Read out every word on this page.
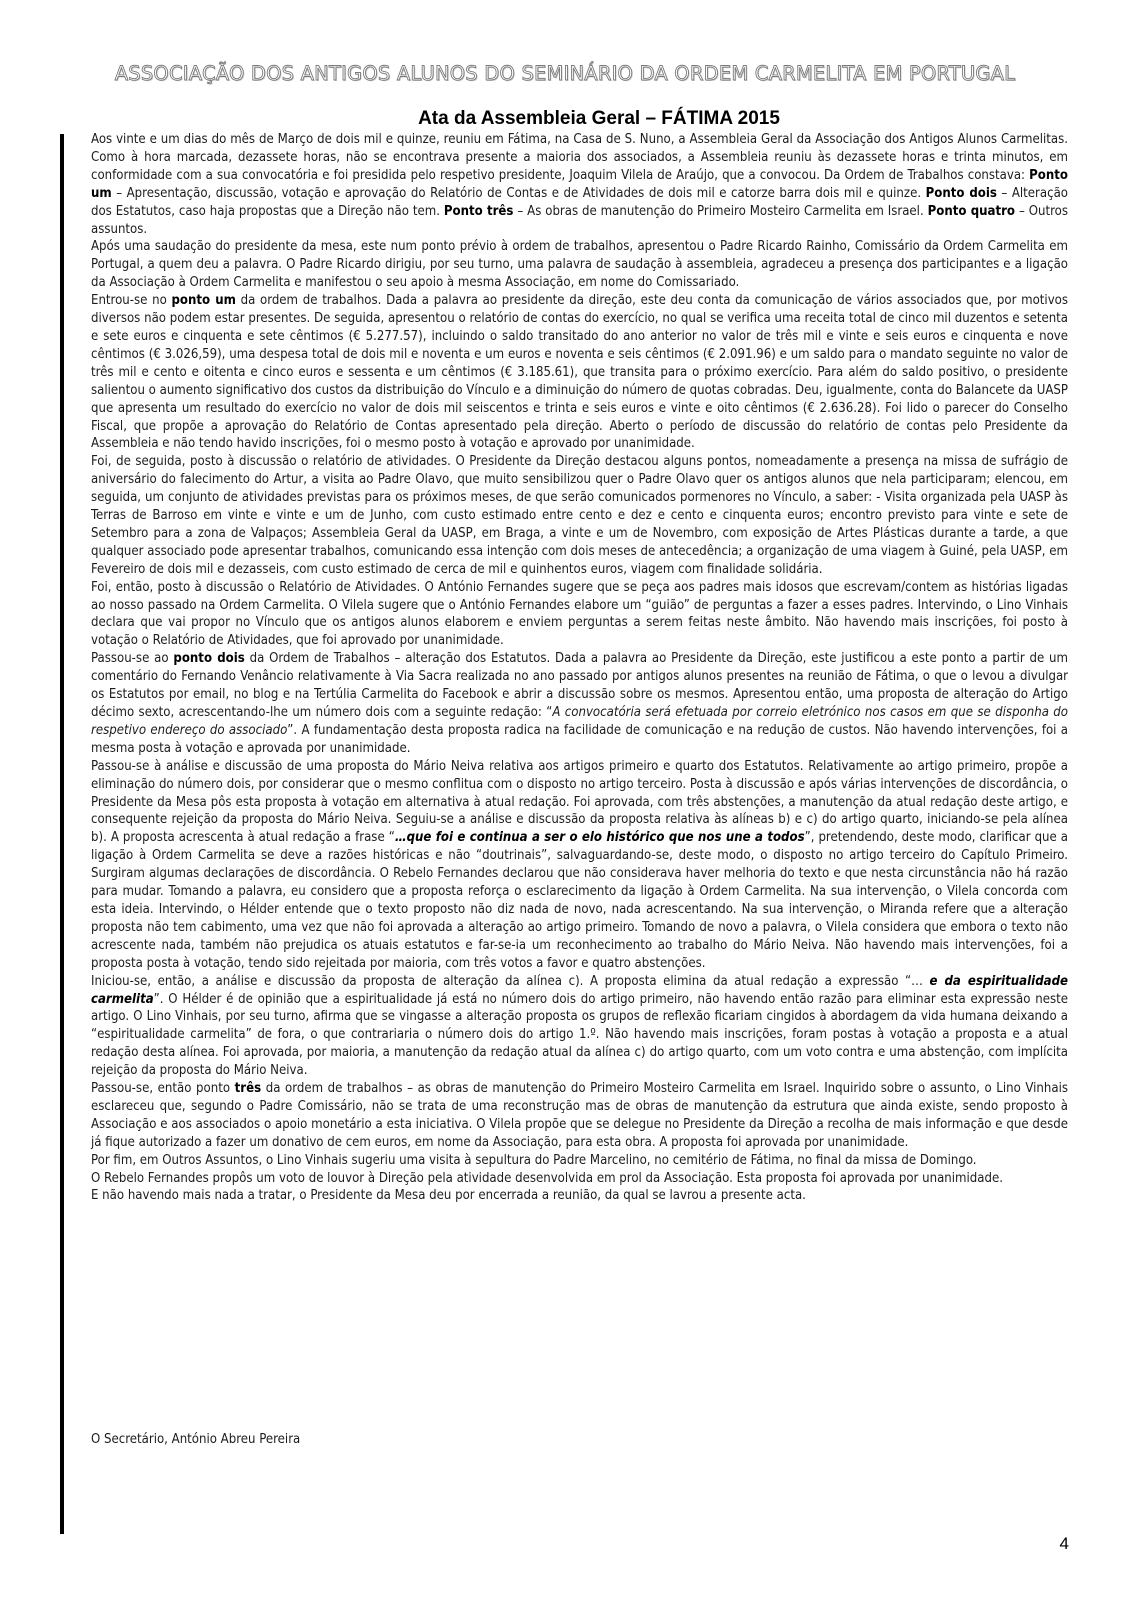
ASSOCIAÇÃO DOS ANTIGOS ALUNOS DO SEMINÁRIO DA ORDEM CARMELITA EM PORTUGAL
Ata da Assembleia Geral – FÁTIMA 2015

Aos vinte e um dias do mês de Março de dois mil e quinze, reuniu em Fátima, na Casa de S. Nuno, a Assembleia Geral da Associação dos Antigos Alunos Carmelitas. Como à hora marcada, dezassete horas, não se encontrava presente a maioria dos associados, a Assembleia reuniu às dezassete horas e trinta minutos, em conformidade com a sua convocatória e foi presidida pelo respetivo presidente, Joaquim Vilela de Araújo, que a convocou. Da Ordem de Trabalhos constava: Ponto um – Apresentação, discussão, votação e aprovação do Relatório de Contas e de Atividades de dois mil e catorze barra dois mil e quinze. Ponto dois – Alteração dos Estatutos, caso haja propostas que a Direção não tem. Ponto três – As obras de manutenção do Primeiro Mosteiro Carmelita em Israel. Ponto quatro – Outros assuntos.

Após uma saudação do presidente da mesa, este num ponto prévio à ordem de trabalhos, apresentou o Padre Ricardo Rainho, Comissário da Ordem Carmelita em Portugal, a quem deu a palavra. O Padre Ricardo dirigiu, por seu turno, uma palavra de saudação à assembleia, agradeceu a presença dos participantes e a ligação da Associação à Ordem Carmelita e manifestou o seu apoio à mesma Associação, em nome do Comissariado.

Entrou-se no ponto um da ordem de trabalhos. Dada a palavra ao presidente da direção, este deu conta da comunicação de vários associados que, por motivos diversos não podem estar presentes. De seguida, apresentou o relatório de contas do exercício, no qual se verifica uma receita total de cinco mil duzentos e setenta e sete euros e cinquenta e sete cêntimos (€ 5.277.57), incluindo o saldo transitado do ano anterior no valor de três mil e vinte e seis euros e cinquenta e nove cêntimos (€ 3.026,59), uma despesa total de dois mil e noventa e um euros e noventa e seis cêntimos (€ 2.091.96) e um saldo para o mandato seguinte no valor de três mil e cento e oitenta e cinco euros e sessenta e um cêntimos (€ 3.185.61), que transita para o próximo exercício. Para além do saldo positivo, o presidente salientou o aumento significativo dos custos da distribuição do Vínculo e a diminuição do número de quotas cobradas. Deu, igualmente, conta do Balancete da UASP que apresenta um resultado do exercício no valor de dois mil seiscentos e trinta e seis euros e vinte e oito cêntimos (€ 2.636.28). Foi lido o parecer do Conselho Fiscal, que propõe a aprovação do Relatório de Contas apresentado pela direção. Aberto o período de discussão do relatório de contas pelo Presidente da Assembleia e não tendo havido inscrições, foi o mesmo posto à votação e aprovado por unanimidade.

Foi, de seguida, posto à discussão o relatório de atividades. O Presidente da Direção destacou alguns pontos, nomeadamente a presença na missa de sufrágio de aniversário do falecimento do Artur, a visita ao Padre Olavo, que muito sensibilizou quer o Padre Olavo quer os antigos alunos que nela participaram; elencou, em seguida, um conjunto de atividades previstas para os próximos meses, de que serão comunicados pormenores no Vínculo, a saber: - Visita organizada pela UASP às Terras de Barroso em vinte e vinte e um de Junho, com custo estimado entre cento e dez e cento e cinquenta euros; encontro previsto para vinte e sete de Setembro para a zona de Valpaços; Assembleia Geral da UASP, em Braga, a vinte e um de Novembro, com exposição de Artes Plásticas durante a tarde, a que qualquer associado pode apresentar trabalhos, comunicando essa intenção com dois meses de antecedência; a organização de uma viagem à Guiné, pela UASP, em Fevereiro de dois mil e dezasseis, com custo estimado de cerca de mil e quinhentos euros, viagem com finalidade solidária.

Foi, então, posto à discussão o Relatório de Atividades. O António Fernandes sugere que se peça aos padres mais idosos que escrevam/contem as histórias ligadas ao nosso passado na Ordem Carmelita. O Vilela sugere que o António Fernandes elabore um “guião” de perguntas a fazer a esses padres. Intervindo, o Lino Vinhais declara que vai propor no Vínculo que os antigos alunos elaborem e enviem perguntas a serem feitas neste âmbito. Não havendo mais inscrições, foi posto à votação o Relatório de Atividades, que foi aprovado por unanimidade.

Passou-se ao ponto dois da Ordem de Trabalhos – alteração dos Estatutos. Dada a palavra ao Presidente da Direção, este justificou a este ponto a partir de um comentário do Fernando Venâncio relativamente à Via Sacra realizada no ano passado por antigos alunos presentes na reunião de Fátima, o que o levou a divulgar os Estatutos por email, no blog e na Tertúlia Carmelita do Facebook e abrir a discussão sobre os mesmos. Apresentou então, uma proposta de alteração do Artigo décimo sexto, acrescentando-lhe um número dois com a seguinte redação: “A convocatória será efetuada por correio eletrónico nos casos em que se disponha do respetivo endereço do associado”. A fundamentação desta proposta radica na facilidade de comunicação e na redução de custos. Não havendo intervenções, foi a mesma posta à votação e aprovada por unanimidade.

Passou-se à análise e discussão de uma proposta do Mário Neiva relativa aos artigos primeiro e quarto dos Estatutos. Relativamente ao artigo primeiro, propõe a eliminação do número dois, por considerar que o mesmo conflitua com o disposto no artigo terceiro. Posta à discussão e após várias intervenções de discordância, o Presidente da Mesa pôs esta proposta à votação em alternativa à atual redação. Foi aprovada, com três abstenções, a manutenção da atual redação deste artigo, e consequente rejeição da proposta do Mário Neiva. Seguiu-se a análise e discussão da proposta relativa às alíneas b) e c) do artigo quarto, iniciando-se pela alínea b). A proposta acrescenta à atual redação a frase “…que foi e continua a ser o elo histórico que nos une a todos”, pretendendo, deste modo, clarificar que a ligação à Ordem Carmelita se deve a razões históricas e não “doutrinais”, salvaguardando-se, deste modo, o disposto no artigo terceiro do Capítulo Primeiro. Surgiram algumas declarações de discordância. O Rebelo Fernandes declarou que não considerava haver melhoria do texto e que nesta circunstância não há razão para mudar. Tomando a palavra, eu considero que a proposta reforça o esclarecimento da ligação à Ordem Carmelita. Na sua intervenção, o Vilela concorda com esta ideia. Intervindo, o Hélder entende que o texto proposto não diz nada de novo, nada acrescentando. Na sua intervenção, o Miranda refere que a alteração proposta não tem cabimento, uma vez que não foi aprovada a alteração ao artigo primeiro. Tomando de novo a palavra, o Vilela considera que embora o texto não acrescente nada, também não prejudica os atuais estatutos e far-se-ia um reconhecimento ao trabalho do Mário Neiva. Não havendo mais intervenções, foi a proposta posta à votação, tendo sido rejeitada por maioria, com três votos a favor e quatro abstenções.

Iniciou-se, então, a análise e discussão da proposta de alteração da alínea c). A proposta elimina da atual redação a expressão “… e da espiritualidade carmelita”. O Hélder é de opinião que a espiritualidade já está no número dois do artigo primeiro, não havendo então razão para eliminar esta expressão neste artigo. O Lino Vinhais, por seu turno, afirma que se vingasse a alteração proposta os grupos de reflexão ficariam cingidos à abordagem da vida humana deixando a “espiritualidade carmelita” de fora, o que contrariaria o número dois do artigo 1.º. Não havendo mais inscrições, foram postas à votação a proposta e a atual redação desta alínea. Foi aprovada, por maioria, a manutenção da redação atual da alínea c) do artigo quarto, com um voto contra e uma abstenção, com implícita rejeição da proposta do Mário Neiva.

Passou-se, então ponto três da ordem de trabalhos – as obras de manutenção do Primeiro Mosteiro Carmelita em Israel. Inquirido sobre o assunto, o Lino Vinhais esclareceu que, segundo o Padre Comissário, não se trata de uma reconstrução mas de obras de manutenção da estrutura que ainda existe, sendo proposto à Associação e aos associados o apoio monetário a esta iniciativa. O Vilela propõe que se delegue no Presidente da Direção a recolha de mais informação e que desde já fique autorizado a fazer um donativo de cem euros, em nome da Associação, para esta obra. A proposta foi aprovada por unanimidade.

Por fim, em Outros Assuntos, o Lino Vinhais sugeriu uma visita à sepultura do Padre Marcelino, no cemitério de Fátima, no final da missa de Domingo.

O Rebelo Fernandes propôs um voto de louvor à Direção pela atividade desenvolvida em prol da Associação. Esta proposta foi aprovada por unanimidade.

E não havendo mais nada a tratar, o Presidente da Mesa deu por encerrada a reunião, da qual se lavrou a presente acta.

O Secretário, António Abreu Pereira
4
